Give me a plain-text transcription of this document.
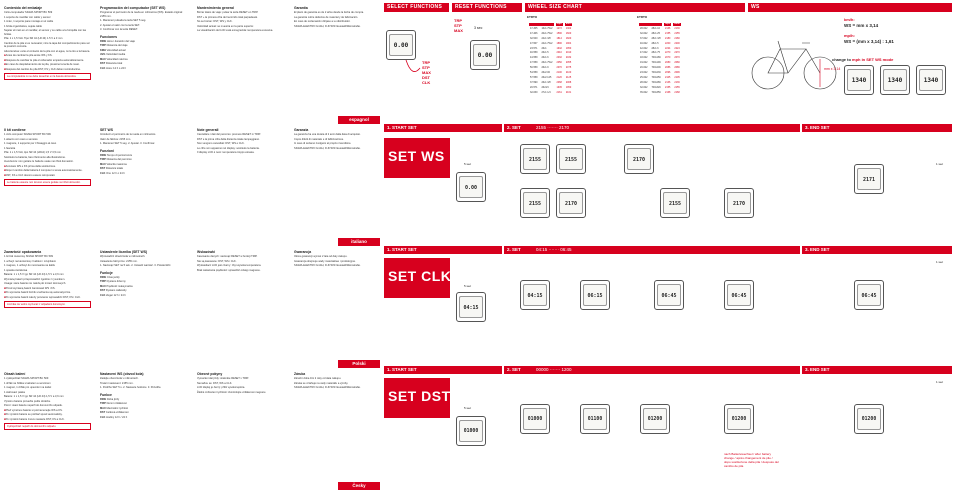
Contenido del embalaje
Ciclo-computador SIGMA SPORT BC 509
1 soporte de manillar con cable y sensor
1 imán, 1 soporte para montaje en el cable
1 brida organizativa, sujeta cable
Sujetar el imán en el manillar, el sensor y su cable a la horquilla con las bridas.
Pila: 1 x 1,5 Volt. Tipo SR 44 (LR 44) 1.5 V a 3 mm
Cambio de la pila si es necesario; mire la tapa del compartimiento para ver la posición correcta.
Advertencias: evite el contacto de la pila con el agua, no la tire a la basura.
■ Antes de cambiar la pila anote WS y KS.
■ Después de cambiar la pila el ordenador empieza automáticamente.
■ En caso de desplazamiento de la pila, presione la tecla de reset.
■ Después del cambio de pila DST, KS y CLK deben reintroducirse.
La computadora no se debe desechar en la basura doméstica.
Il kit contiene
1 ciclo computer SIGMA SPORT BC 509
1 attacco con cavo e sensore
1 magnete, 1 supporto per il fissaggio al cavo
1 fascetta
Pila: 1 x 1,5 Volt, tipo SR 44 (LR44) 1,5 V 3,5 mm
Sostituire la batteria, fare riferimento alla illustrazione.
Avvertenza: non gettare le batterie usate nei rifiuti domestici.
■ Annotare WS e KS prima della sostituzione.
■ Dopo il cambio della batteria il computer si avvia automaticamente.
■ DST, KS e CLK devono essere reimpostati.
Le batterie esauste non devono essere gettate nei rifiuti domestici.
Zawartość opakowania
1 licznik rowerowy SIGMA SPORT BC 509
1 uchwyt na kierownicę z kablem i czujnikiem
1 magnes, 1 uchwyt do mocowania na kablu
1 opaska zaciskowa
Bateria: 1 x 1,5 V typ SR 44 (LR 44) 1,5 V a 3,6 mm
Wymianę baterii przeprowadzić zgodnie z rysunkiem.
Uwaga: stare baterie nie należą do śmieci domowych.
■ Przed wymianą baterii zanotować WS i KS.
■ Po wymianie baterii licznik uruchamia się automatycznie.
■ Po wymianie baterii należy ponownie wprowadzić DST, KS i CLK.
Licznika nie wolno wyrzucać z odpadami domowymi.
Obsah balení
1 cyklopočítač SIGMA SPORT BC 509
1 držák na řidítka s kabelem a senzorem
1 magnet, 1 držák pro upevnění na kabel
1 stahovací páska
Baterie: 1 x 1,5 V typ SR 44 (LR 44) 1,5 V a 3,6 mm
Výměnu baterie proveďte podle obrázku.
Pozor: staré baterie nepatří do domovního odpadu.
■ Před výměnou baterie si poznamenejte WS a KS.
■ Po výměně baterie se počítač spustí automaticky.
■ Po výměně baterie znovu nastavte DST, KS a CLK.
Cyklopočítač nepatří do domovního odpadu.
Programación del computador (SET WS)
Programar el perímetro de la rueda en milímetros (WS). Estado original: 2155 mm.
1. Mantener pulsada la tecla SET 5 seg.
2. Ajustar el valor con la tecla SET.
3. Confirmar con la tecla RESET.
Funciones
RIDE Hora / duración del viaje
TRIP Distancia del viaje
KMH Velocidad actual
AVG Velocidad media
MAX Velocidad máxima
DST Distancia total
CLK Hora: 12 h o 24 h
SET WS
Introducir el perímetro de la rueda en milímetros.
Valor de fábrica: 2155 mm.
1. Mantener SET 5 seg. 2. Ajustar. 3. Confirmar.
Funzioni
RIDE Tempo di percorrenza
TRIP Distanza del percorso
MAX Velocità massima
DST Distanza totale
CLK Ora: 12 h o 24 h
Ustawienie licznika (SET WS)
Wprowadzić obwód koła w milimetrach.
Ustawienie fabryczne: 2155 mm.
1. Nacisnąć SET na 5 sek. 2. Ustawić wartość. 3. Potwierdzić.
Funkcje
RIDE Czas jazdy
TRIP Dystans dzienny
MAX Prędkość maksymalna
DST Dystans całkowity
CLK Zegar 12 h / 24 h
Nastavení WS (obvod kola)
Zadejte obvod kola v milimetrech.
Tovární nastavení: 2155 mm.
1. Podržte SET 5 s. 2. Nastavte hodnotu. 3. Potvrďte.
Funkce
RIDE Doba jízdy
TRIP Denní vzdálenost
MAX Maximální rychlost
DST Celková vzdálenost
CLK Hodiny 12 h / 24 h
Mantenimiento general
Borrar datos de viaje: pulsar la tecla RESET en TRIP.
DST + la primera cifra del recorrido total parpadeará.
No se borran: DST, WS y CLK.
Velocidad actual: se muestra en la parte superior.
La visualización del LCD está ennegrecida: temperatura excesiva.
Note generali
Cancellare i dati del percorso: premere RESET in TRIP.
DST e la prima cifra della distanza totale lampeggiano.
Non vengono cancellati: DST, WS e CLK.
Le cifre non appaiono nel display: sostituire la batteria.
Il display LCD è nero: temperatura troppo elevata.
Wskazówki
Kasowanie danych: nacisnąć RESET w funkcji TRIP.
Nie są kasowane: DST, WS i CLK.
Wyświetlacz LCD jest czarny: zbyt wysoka temperatura.
Brak wskazania prędkości: sprawdzić odstęp magnesu.
Obecné pokyny
Vymazání dat jízdy: stiskněte RESET v TRIP.
Nemažou se: DST, WS a CLK.
LCD displej je černý: příliš vysoká teplota.
Žádné zobrazení rychlosti: zkontrolujte vzdálenost magnetu.
Garantía
El plazo de garantía es de 2 años desde la fecha de compra.
La garantía cubre defectos de material y de fabricación.
En caso de reclamación diríjase a su distribuidor.
SIGMA-ELEKTRO GmbH, D-67433 Neustadt/Weinstraße.
Garanzia
La garanzia ha una durata di 2 anni dalla data di acquisto.
Copre difetti di materiale e di fabbricazione.
In caso di reclamo rivolgersi al proprio rivenditore.
SIGMA-ELEKTRO GmbH, D-67433 Neustadt/Weinstraße.
Gwarancja
Okres gwarancji wynosi 2 lata od daty zakupu.
Gwarancja obejmuje wady materiałowe i produkcyjne.
SIGMA-ELEKTRO GmbH, D-67433 Neustadt/Weinstraße.
Záruka
Záruční doba činí 2 roky od data nákupu.
Záruka se vztahuje na vady materiálu a výroby.
SIGMA-ELEKTRO GmbH, D-67433 Neustadt/Weinstraße.
espagnol
italiano
Polski
Česky
SELECT FUNCTIONS	RESET FUNCTIONS	WHEEL SIZE CHART	WS
0.00
TRP
STP
MAX
DST
CLK
TRP
STP
MAX	3 sec
0.00
ETRTO	ETRTO
		mph	km/h
47-305	16x1.75x2	1272	1302
47-406	20x1.75x2	1590	1600
32-540	24x1 3/8	1814	1820
47-507	24x1.75x2	1890	1904
23-571	26x1	1942	1950
40-559	26x1.5	2010	2010
44-559	26x1.6	2032	2032
47-559	26x1.75x2	2050	2055
50-559	26x1.9	2070	2075
54-559	26x2.00	2100	2100
57-559	26x2.125	2120	2125
37-590	26x1 3/8	2068	2068
20-571	26x3/4	1945	1950
32-630	27x1 1/4	2161	2161
		mph	km/h
28-622	28x1.10	2136	2136
32-622	28x1.25	2155	2155
37-622	28x1 3/8	2180	2180
40-622	28x1.5	2200	2200
42-622	28x1.6	2224	2224
47-622	28x1.75	2270	2270
18-622	700x18C	2070	2070
19-622	700x19C	2080	2080
20-622	700x20C	2086	2086
23-622	700x23C	2096	2096
25-622	700x25C	2105	2105
28-622	700x28C	2136	2136
32-622	700x32C	2155	2155
35-622	700x35C	2168	2168
mm x 3,14
km/h:
WS = mm x 3,14
mp/h:
WS = (mm x 3,14) : 1,61
change to mph in SET WS mode
1340	1340	1340
1. START SET	2. SET	2155 ······· 2170	3. END SET
SET WS	5 sec	1 sec
0.00
2155	2155
2155	2170
2170
2155	2170
2171
1. START SET	2. SET	04:15 ······· 06:45	3. END SET
SET CLK
5 sec
1 sec
04:15
04:15	06:15	06:45	06:45	06:45
1. START SET	2. SET	00000 ······· 1200	3. END SET
SET DST
5 sec
1 sec
01000
01000	01100	01200	01200	01200
nach Batteriewechsel / after battery change / après changement de pile / dopo sostituzione della pila / después del cambio de pila
